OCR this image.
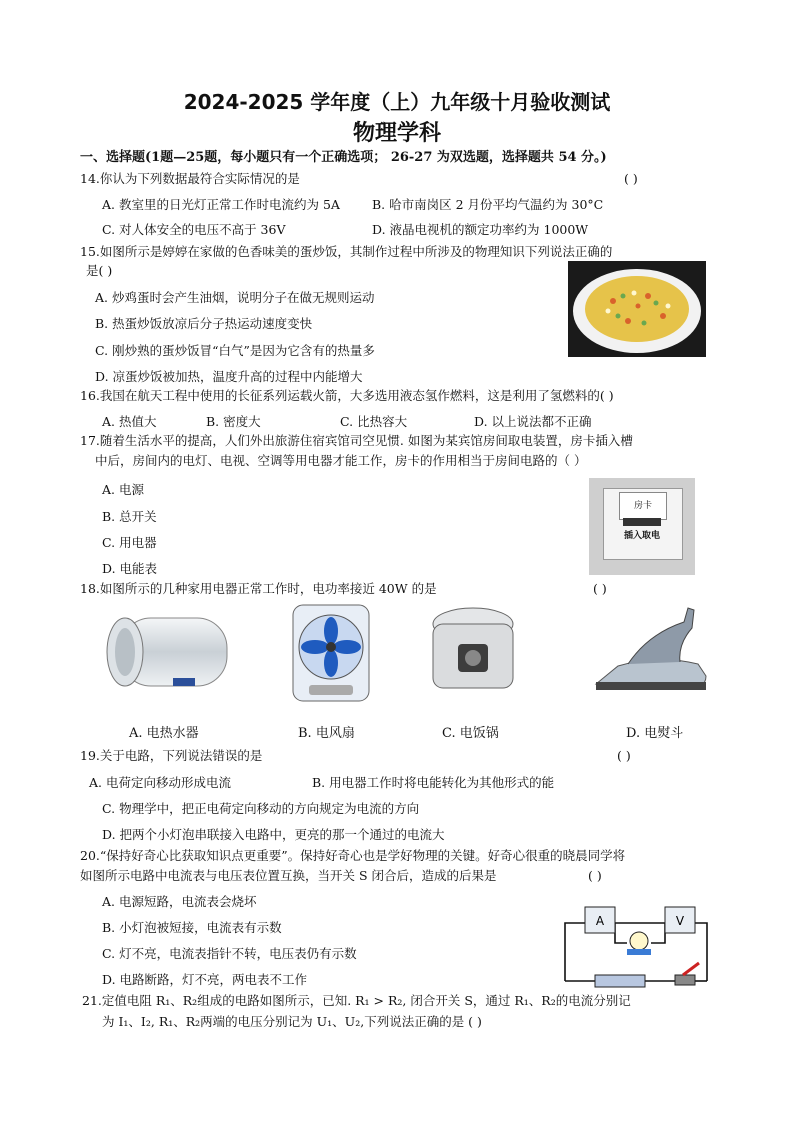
2024-2025 学年度（上）九年级十月验收测试
物理学科
一、选择题(1题—25题，每小题只有一个正确选项； 26-27 为双选题，选择题共 54 分。)
14.你认为下列数据最符合实际情况的是	( )
A. 教室里的日光灯正常工作时电流约为 5A	B. 哈市南岗区 2 月份平均气温约为 30°C
C. 对人体安全的电压不高于 36V	D. 液晶电视机的额定功率约为 1000W
15.如图所示是婷婷在家做的色香味美的蛋炒饭，其制作过程中所涉及的物理知识下列说法正确的
是( )
A. 炒鸡蛋时会产生油烟，说明分子在做无规则运动
B. 热蛋炒饭放凉后分子热运动速度变快
C. 刚炒熟的蛋炒饭冒“白气”是因为它含有的热量多
D. 凉蛋炒饭被加热，温度升高的过程中内能增大
16.我国在航天工程中使用的长征系列运载火箭，大多选用液态氢作燃料，这是利用了氢燃料的( )
A. 热值大	B. 密度大	C. 比热容大	D. 以上说法都不正确
17.随着生活水平的提高，人们外出旅游住宿宾馆司空见惯. 如图为某宾馆房间取电装置，房卡插入槽
中后，房间内的电灯、电视、空调等用电器才能工作，房卡的作用相当于房间电路的（ ）
A. 电源
B. 总开关
C. 用电器
D. 电能表
房卡
插入取电
18.如图所示的几种家用电器正常工作时，电功率接近 40W 的是	( )
A. 电热水器	B. 电风扇	C. 电饭锅	D. 电熨斗
19.关于电路，下列说法错误的是	( )
A. 电荷定向移动形成电流	B. 用电器工作时将电能转化为其他形式的能
C. 物理学中，把正电荷定向移动的方向规定为电流的方向
D. 把两个小灯泡串联接入电路中，更亮的那一个通过的电流大
20.“保持好奇心比获取知识点更重要”。保持好奇心也是学好物理的关键。好奇心很重的晓晨同学将
如图所示电路中电流表与电压表位置互换，当开关 S 闭合后，造成的后果是	( )
A. 电源短路，电流表会烧坏
B. 小灯泡被短接，电流表有示数
C. 灯不亮，电流表指针不转，电压表仍有示数
D. 电路断路，灯不亮，两电表不工作
A	V
21.定值电阻 R₁、R₂组成的电路如图所示，已知. R₁ > R₂, 闭合开关 S，通过 R₁、R₂的电流分别记
为 I₁、I₂, R₁、R₂两端的电压分别记为 U₁、U₂,下列说法正确的是 ( )
